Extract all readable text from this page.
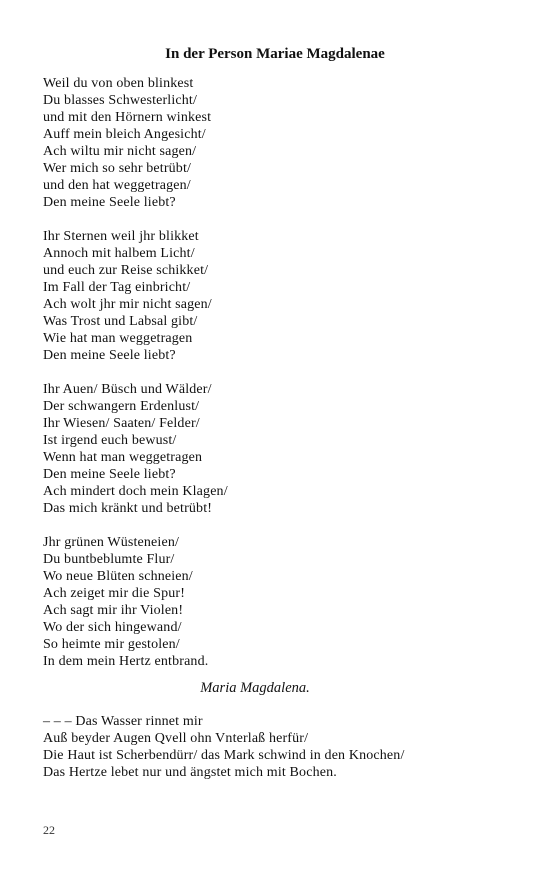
In der Person Mariae Magdalenae
Weil du von oben blinkest
Du blasses Schwesterlicht/
und mit den Hörnern winkest
Auff mein bleich Angesicht/
Ach wiltu mir nicht sagen/
Wer mich so sehr betrübt/
und den hat weggetragen/
Den meine Seele liebt?
Ihr Sternen weil jhr blikket
Annoch mit halbem Licht/
und euch zur Reise schikket/
Im Fall der Tag einbricht/
Ach wolt jhr mir nicht sagen/
Was Trost und Labsal gibt/
Wie hat man weggetragen
Den meine Seele liebt?
Ihr Auen/ Büsch und Wälder/
Der schwangern Erdenlust/
Ihr Wiesen/ Saaten/ Felder/
Ist irgend euch bewust/
Wenn hat man weggetragen
Den meine Seele liebt?
Ach mindert doch mein Klagen/
Das mich kränkt und betrübt!
Jhr grünen Wüsteneien/
Du buntbeblumte Flur/
Wo neue Blüten schneien/
Ach zeiget mir die Spur!
Ach sagt mir ihr Violen!
Wo der sich hingewand/
So heimte mir gestolen/
In dem mein Hertz entbrand.
Maria Magdalena.
– – – Das Wasser rinnet mir
Auß beyder Augen Qvell ohn Vnterlaß herfür/
Die Haut ist Scherbendürr/ das Mark schwind in den Knochen/
Das Hertze lebet nur und ängstet mich mit Bochen.
22
